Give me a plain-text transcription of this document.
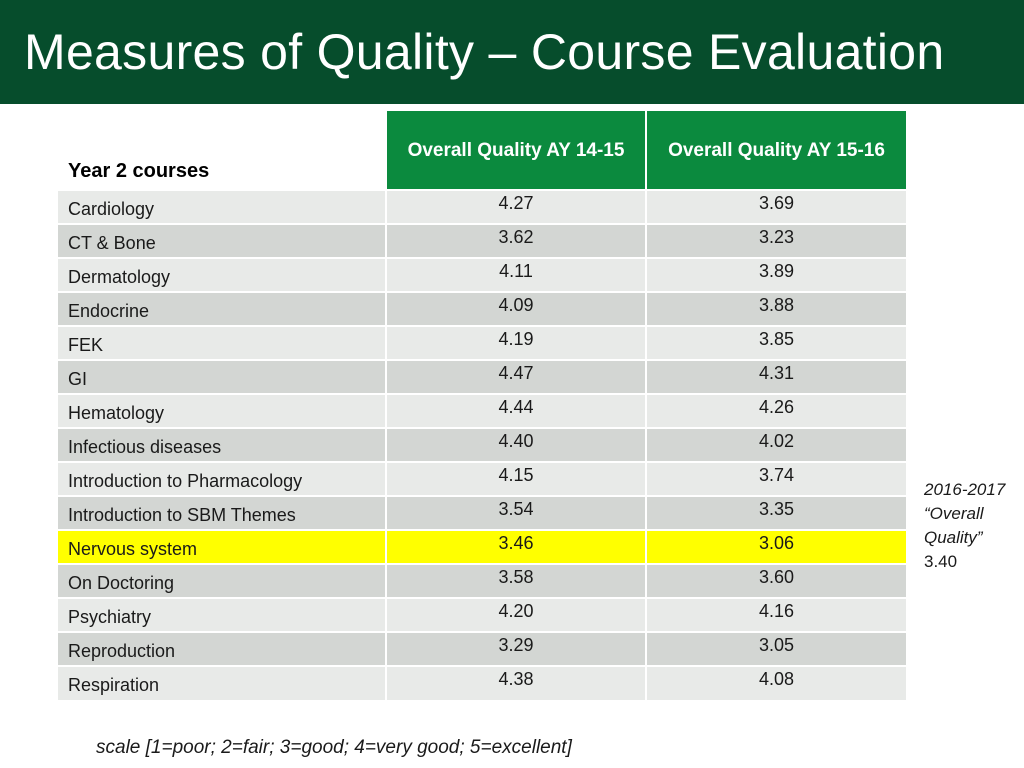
Measures of Quality – Course Evaluation
Year 2 courses	Overall Quality AY 14-15	Overall Quality AY 15-16
Cardiology	4.27	3.69
CT & Bone	3.62	3.23
Dermatology	4.11	3.89
Endocrine	4.09	3.88
FEK	4.19	3.85
GI	4.47	4.31
Hematology	4.44	4.26
Infectious diseases	4.40	4.02
Introduction to Pharmacology	4.15	3.74
Introduction to SBM Themes	3.54	3.35
Nervous system	3.46	3.06
On Doctoring	3.58	3.60
Psychiatry	4.20	4.16
Reproduction	3.29	3.05
Respiration	4.38	4.08
2016-2017
“Overall
Quality”
3.40
scale [1=poor; 2=fair; 3=good; 4=very good; 5=excellent]
